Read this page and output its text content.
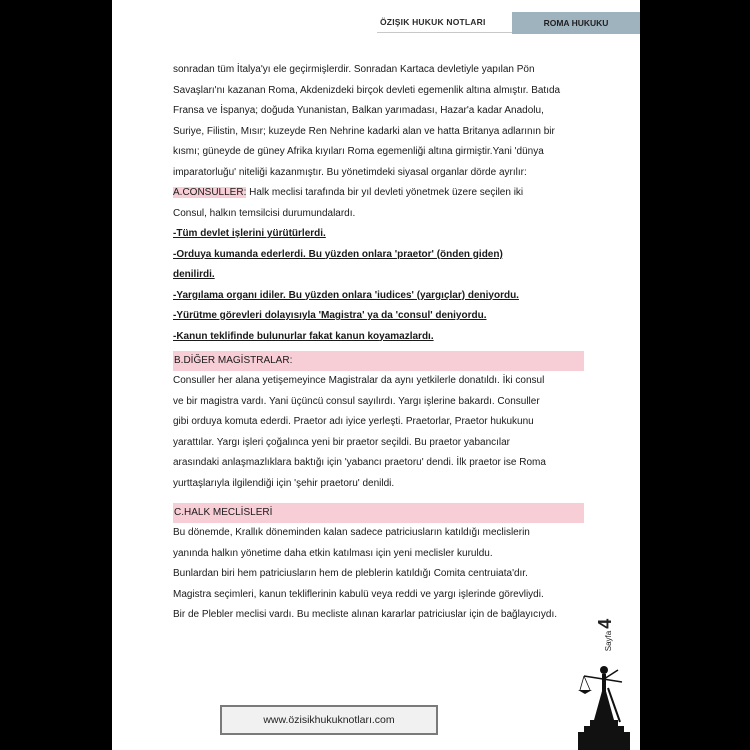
ÖZIŞIK HUKUK NOTLARI	ROMA HUKUKU
sonradan tüm İtalya'yı ele geçirmişlerdir. Sonradan Kartaca devletiyle yapılan Pön
Savaşları'nı kazanan Roma, Akdenizdeki birçok devleti egemenlik altına almıştır. Batıda
Fransa ve İspanya; doğuda Yunanistan, Balkan yarımadası, Hazar'a kadar Anadolu,
Suriye, Filistin, Mısır; kuzeyde Ren Nehrine kadarki alan ve hatta Britanya adlarının bir
kısmı; güneyde de güney Afrika kıyıları Roma egemenliği altına girmiştir.Yani 'dünya
imparatorluğu' niteliği kazanmıştır. Bu yönetimdeki siyasal organlar dörde ayrılır:
A.CONSULLER: Halk meclisi tarafında bir yıl devleti yönetmek üzere seçilen iki
Consul, halkın temsilcisi durumundalardı.
-Tüm devlet işlerini yürütürlerdi.
-Orduya kumanda ederlerdi. Bu yüzden onlara 'praetor' (önden giden)
denilirdi.
-Yargılama organı idiler. Bu yüzden onlara 'iudices' (yargıçlar) deniyordu.
-Yürütme görevleri dolayısıyla 'Magistra' ya da 'consul' deniyordu.
-Kanun teklifinde bulunurlar fakat kanun koyamazlardı.
B.DİĞER MAGİSTRALAR:
Consuller her alana yetişemeyince Magistralar da aynı yetkilerle donatıldı. İki consul
ve bir magistra vardı. Yani üçüncü consul sayılırdı. Yargı işlerine bakardı. Consuller
gibi orduya komuta ederdi. Praetor adı iyice yerleşti. Praetorlar, Praetor hukukunu
yarattılar. Yargı işleri çoğalınca yeni bir praetor seçildi. Bu praetor yabancılar
arasındaki anlaşmazlıklara baktığı için 'yabancı praetoru' dendi. İlk praetor ise Roma
yurttaşlarıyla ilgilendiği için 'şehir praetoru' denildi.
C.HALK MECLİSLERİ
Bu dönemde, Krallık döneminden kalan sadece patriciusların katıldığı meclislerin
yanında halkın yönetime daha etkin katılması için yeni meclisler kuruldu.
Bunlardan biri hem patriciusların hem de pleblerin katıldığı Comita centruiata'dır.
Magistra seçimleri, kanun tekliflerinin kabulü veya reddi ve yargı işlerinde görevliydi.
Bir de Plebler meclisi vardı. Bu mecliste alınan kararlar patriciuslar için de bağlayıcıydı.
Sayfa
4
www.özisikhukuknotları.com
